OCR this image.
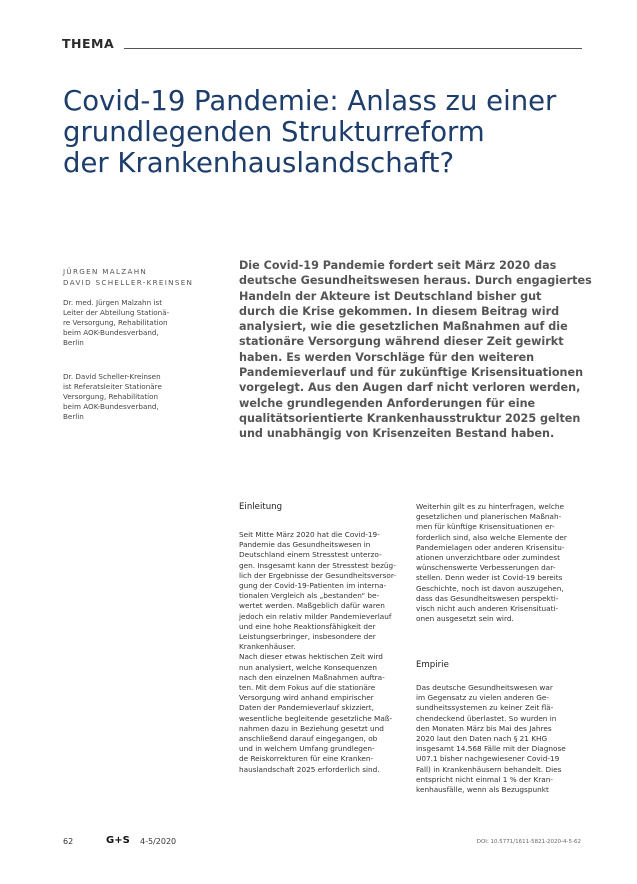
THEMA
Covid-19 Pandemie: Anlass zu einer
grundlegenden Strukturreform
der Krankenhauslandschaft?
JÜRGEN MALZAHN
DAVID SCHELLER-KREINSEN
Dr. med. Jürgen Malzahn ist
Leiter der Abteilung Stationä-
re Versorgung, Rehabilitation
beim AOK-Bundesverband,
Berlin
Dr. David Scheller-Kreinsen
ist Referatsleiter Stationäre
Versorgung, Rehabilitation
beim AOK-Bundesverband,
Berlin
Die Covid-19 Pandemie fordert seit März 2020 das
deutsche Gesundheitswesen heraus. Durch engagiertes
Handeln der Akteure ist Deutschland bisher gut
durch die Krise gekommen. In diesem Beitrag wird
analysiert, wie die gesetzlichen Maßnahmen auf die
stationäre Versorgung während dieser Zeit gewirkt
haben. Es werden Vorschläge für den weiteren
Pandemieverlauf und für zukünftige Krisensituationen
vorgelegt. Aus den Augen darf nicht verloren werden,
welche grundlegenden Anforderungen für eine
qualitätsorientierte Krankenhausstruktur 2025 gelten
und unabhängig von Krisenzeiten Bestand haben.
Einleitung
Seit Mitte März 2020 hat die Covid-19-
Pandemie das Gesundheitswesen in
Deutschland einem Stresstest unterzo-
gen. Insgesamt kann der Stresstest bezüg-
lich der Ergebnisse der Gesundheitsversor-
gung der Covid-19-Patienten im interna-
tionalen Vergleich als „bestanden“ be-
wertet werden. Maßgeblich dafür waren
jedoch ein relativ milder Pandemieverlauf
und eine hohe Reaktionsfähigkeit der
Leistungserbringer, insbesondere der
Krankenhäuser.
Nach dieser etwas hektischen Zeit wird
nun analysiert, welche Konsequenzen
nach den einzelnen Maßnahmen auftra-
ten. Mit dem Fokus auf die stationäre
Versorgung wird anhand empirischer
Daten der Pandemieverlauf skizziert,
wesentliche begleitende gesetzliche Maß-
nahmen dazu in Beziehung gesetzt und
anschließend darauf eingegangen, ob
und in welchem Umfang grundlegen-
de Reiskorrekturen für eine Kranken-
hauslandschaft 2025 erforderlich sind.
Weiterhin gilt es zu hinterfragen, welche
gesetzlichen und planerischen Maßnah-
men für künftige Krisensituationen er-
forderlich sind, also welche Elemente der
Pandemielagen oder anderen Krisensitu-
ationen unverzichtbare oder zumindest
wünschenswerte Verbesserungen dar-
stellen. Denn weder ist Covid-19 bereits
Geschichte, noch ist davon auszugehen,
dass das Gesundheitswesen perspekti-
visch nicht auch anderen Krisensituati-
onen ausgesetzt sein wird.
Empirie
Das deutsche Gesundheitswesen war
im Gegensatz zu vielen anderen Ge-
sundheitssystemen zu keiner Zeit flä-
chendeckend überlastet. So wurden in
den Monaten März bis Mai des Jahres
2020 laut den Daten nach § 21 KHG
insgesamt 14.568 Fälle mit der Diagnose
U07.1 bisher nachgewiesener Covid-19
Fall) in Krankenhäusern behandelt. Dies
entspricht nicht einmal 1 % der Kran-
kenhausfälle, wenn als Bezugspunkt
62	G+S 4-5/2020	DOI: 10.5771/1611-5821-2020-4-5-62
